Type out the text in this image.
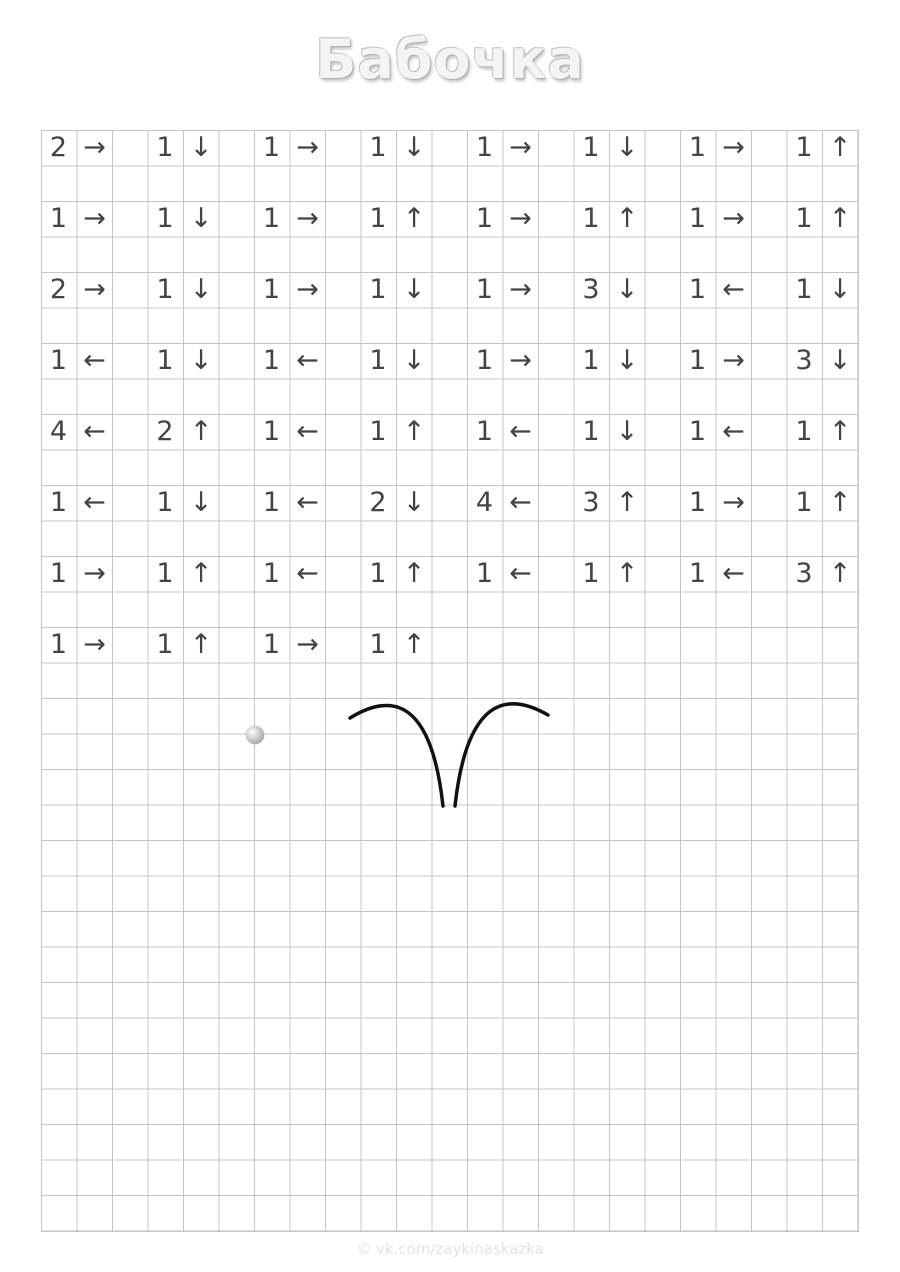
Бабочка
2 →	1 ↓	1 →	1 ↓	1 →	1 ↓	1 →	1 ↑
1 →	1 ↓	1 →	1 ↑	1 →	1 ↑	1 →	1 ↑
2 →	1 ↓	1 →	1 ↓	1 →	3 ↓	1 ←	1 ↓
1 ←	1 ↓	1 ←	1 ↓	1 →	1 ↓	1 →	3 ↓
4 ←	2 ↑	1 ←	1 ↑	1 ←	1 ↓	1 ←	1 ↑
1 ←	1 ↓	1 ←	2 ↓	4 ←	3 ↑	1 →	1 ↑
1 →	1 ↑	1 ←	1 ↑	1 ←	1 ↑	1 ←	3 ↑
1 →	1 ↑	1 →	1 ↑
© vk.com/zaykinaskazka
